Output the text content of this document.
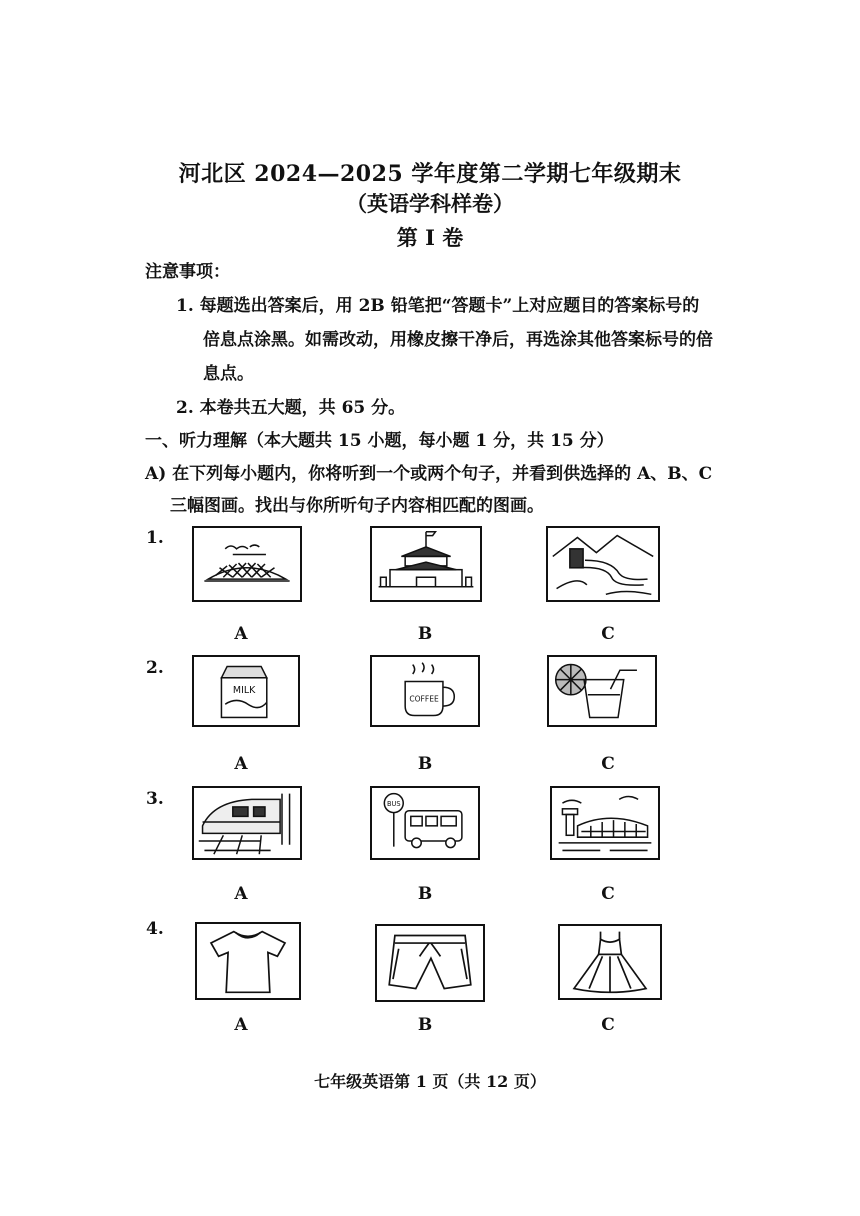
河北区 2024—2025 学年度第二学期七年级期末
（英语学科样卷）
第 I 卷
注意事项：
1. 每题选出答案后，用 2B 铅笔把“答题卡”上对应题目的答案标号的
倍息点涂黑。如需改动，用橡皮擦干净后，再选涂其他答案标号的倍
息点。
2. 本卷共五大题，共 65 分。
一、听力理解（本大题共 15 小题，每小题 1 分，共 15 分）
A) 在下列每小题内，你将听到一个或两个句子，并看到供选择的 A、B、C
三幅图画。找出与你所听句子内容相匹配的图画。
1.
A	B	C
2.
MILK
COFFEE
A	B	C
3.	BUS
A	B	C
4.
A	B	C
七年级英语第 1 页（共 12 页）
